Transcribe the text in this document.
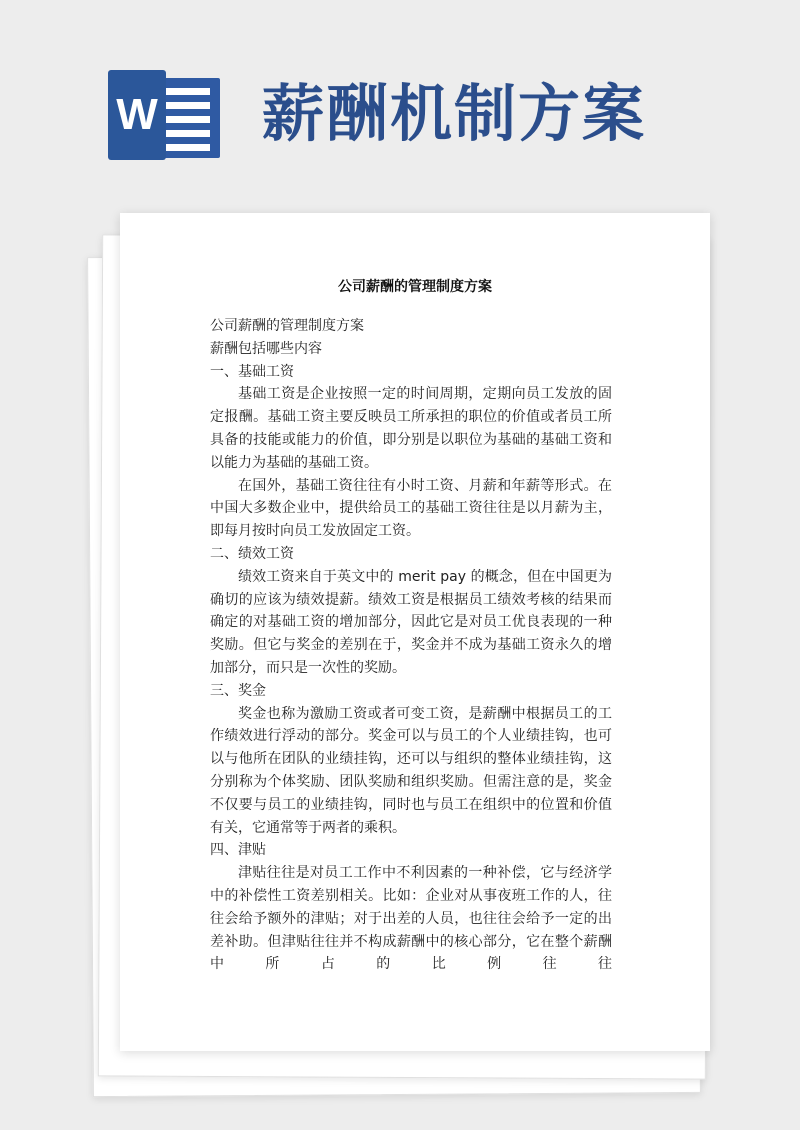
W 薪酬机制方案
公司薪酬的管理制度方案

公司薪酬的管理制度方案

薪酬包括哪些内容

一、基础工资

基础工资是企业按照一定的时间周期，定期向员工发放的固定报酬。基础工资主要反映员工所承担的职位的价值或者员工所具备的技能或能力的价值，即分别是以职位为基础的基础工资和以能力为基础的基础工资。

在国外，基础工资往往有小时工资、月薪和年薪等形式。在中国大多数企业中，提供给员工的基础工资往往是以月薪为主，即每月按时向员工发放固定工资。

二、绩效工资

绩效工资来自于英文中的 merit pay 的概念，但在中国更为确切的应该为绩效提薪。绩效工资是根据员工绩效考核的结果而确定的对基础工资的增加部分，因此它是对员工优良表现的一种奖励。但它与奖金的差别在于，奖金并不成为基础工资永久的增加部分，而只是一次性的奖励。

三、奖金

奖金也称为激励工资或者可变工资，是薪酬中根据员工的工作绩效进行浮动的部分。奖金可以与员工的个人业绩挂钩，也可以与他所在团队的业绩挂钩，还可以与组织的整体业绩挂钩，这分别称为个体奖励、团队奖励和组织奖励。但需注意的是，奖金不仅要与员工的业绩挂钩，同时也与员工在组织中的位置和价值有关，它通常等于两者的乘积。

四、津贴

津贴往往是对员工工作中不利因素的一种补偿，它与经济学中的补偿性工资差别相关。比如：企业对从事夜班工作的人，往往会给予额外的津贴；对于出差的人员，也往往会给予一定的出差补助。但津贴往往并不构成薪酬中的核心部分，它在整个薪酬中所占的比例往往
